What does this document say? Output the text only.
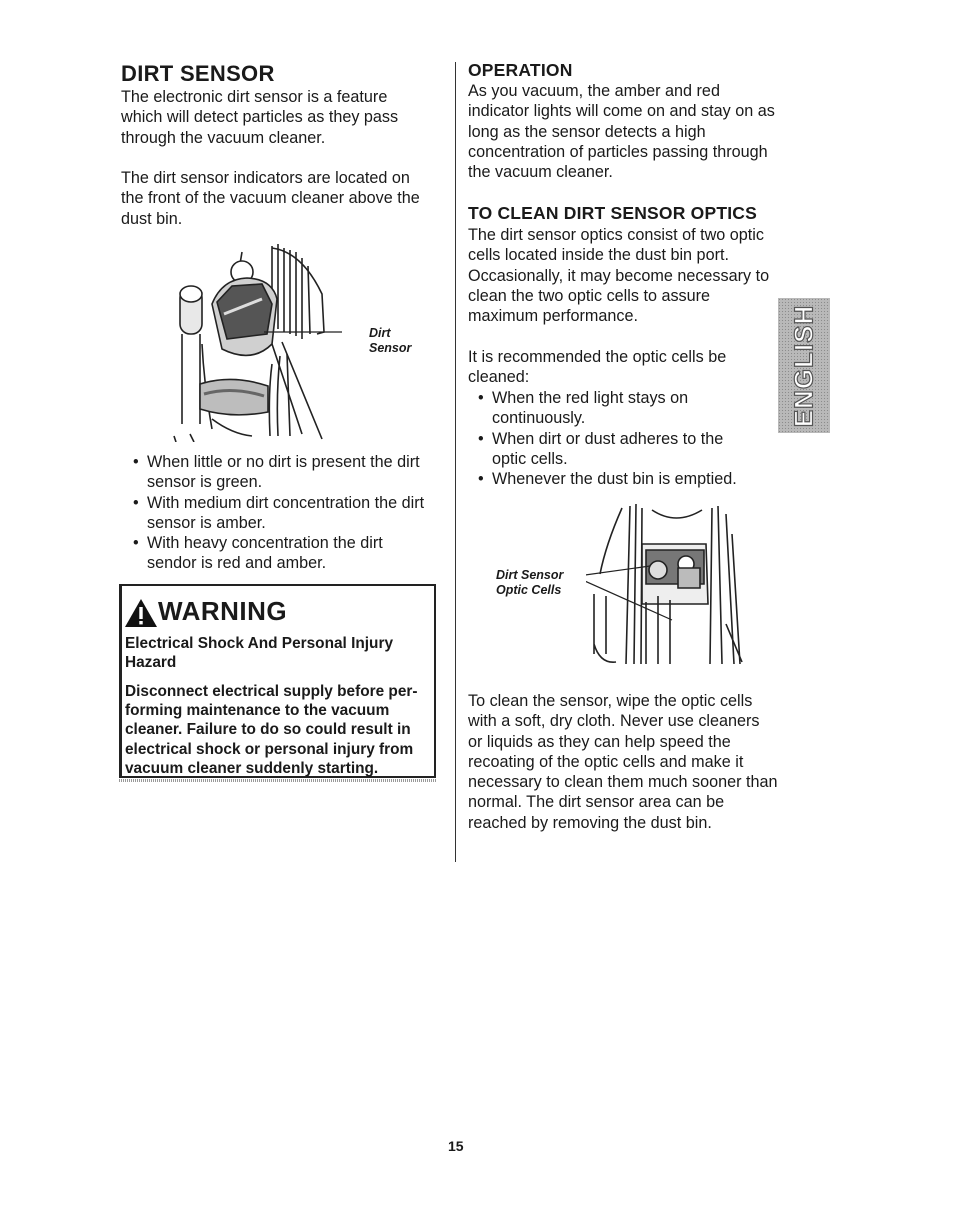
DIRT SENSOR
The electronic dirt sensor is a feature
which will detect particles as they pass
through the vacuum cleaner.
The dirt sensor indicators are located on
the front of the vacuum cleaner above the
dust bin.
Dirt
Sensor
• When little or no dirt is present the dirt
sensor is green.
• With medium dirt concentration the dirt
sensor is amber.
• With heavy concentration the dirt
sendor is red and amber.
WARNING
Electrical Shock And Personal Injury
Hazard
Disconnect electrical supply before per-
forming maintenance to the vacuum
cleaner. Failure to do so could result in
electrical shock or personal injury from
vacuum cleaner suddenly starting.
OPERATION
As you vacuum, the amber and red
indicator lights will come on and stay on as
long as the sensor detects a high
concentration of particles passing through
the vacuum cleaner.
TO CLEAN DIRT SENSOR OPTICS
The dirt sensor optics consist of two optic
cells located inside the dust bin port.
Occasionally, it may become necessary to
clean the two optic cells to assure
maximum performance.
It is recommended the optic cells be
cleaned:
• When the red light stays on
continuously.
• When dirt or dust adheres to the
optic cells.
• Whenever the dust bin is emptied.
ENGLISH
Dirt Sensor
Optic Cells
To clean the sensor, wipe the optic cells
with a soft, dry cloth. Never use cleaners
or liquids as they can help speed the
recoating of the optic cells and make it
necessary to clean them much sooner than
normal. The dirt sensor area can be
reached by removing the dust bin.
15
